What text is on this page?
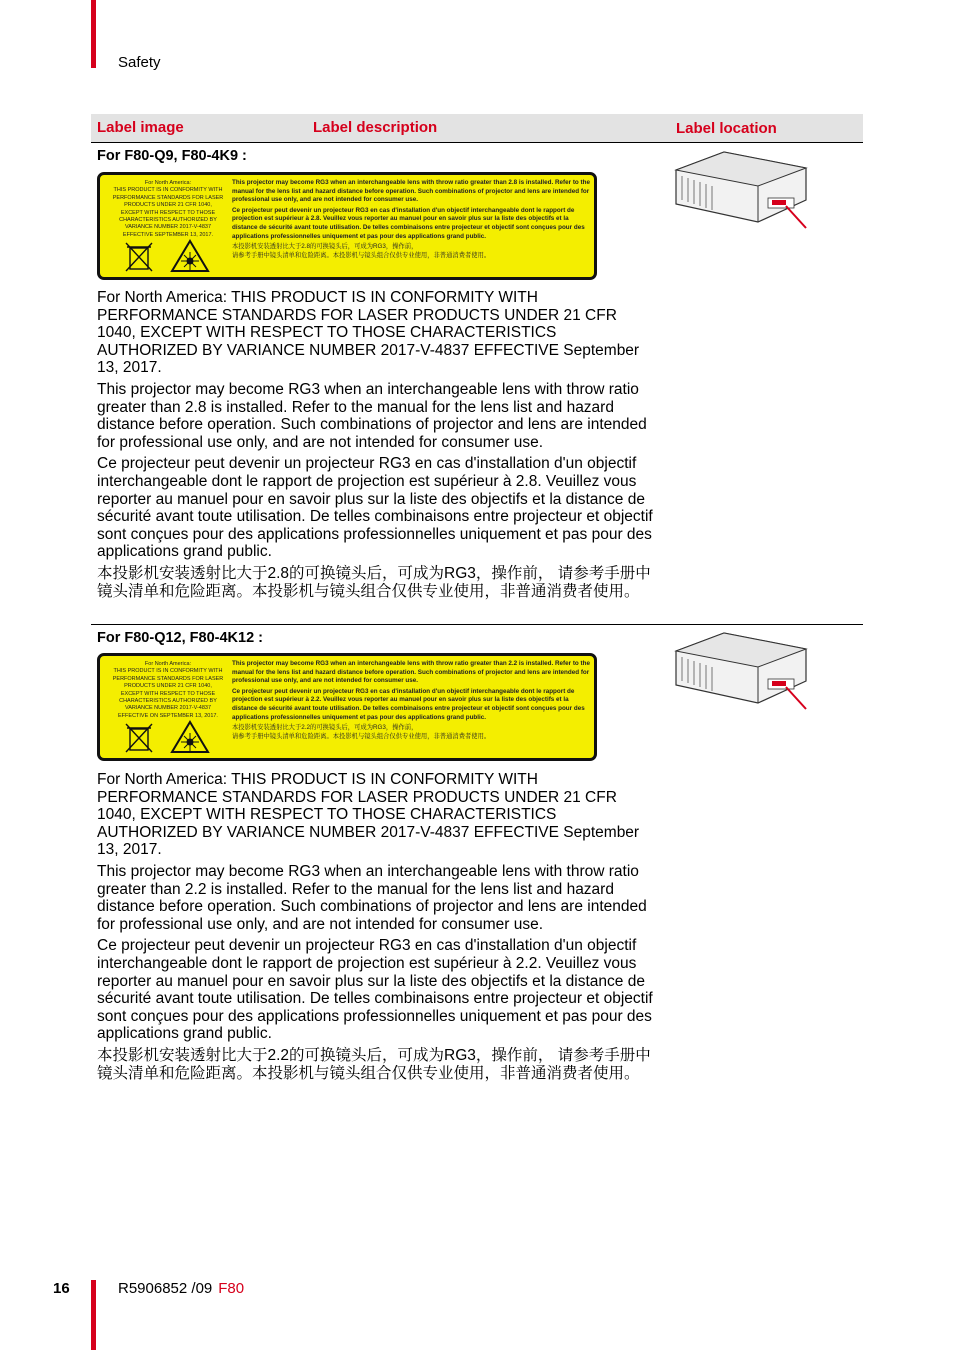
Safety
Label image	Label description	Label location
For F80-Q9, F80-4K9 :
For North America:
THIS PRODUCT IS IN CONFORMITY WITH
PERFORMANCE STANDARDS FOR LASER
PRODUCTS UNDER 21 CFR 1040,
EXCEPT WITH RESPECT TO THOSE
CHARACTERISTICS AUTHORIZED BY
VARIANCE NUMBER 2017-V-4837
EFFECTIVE SEPTEMBER 13, 2017.

This projector may become RG3 when an interchangeable lens with throw ratio greater than 2.8 is installed. Refer to the manual for the lens list and hazard distance before operation. Such combinations of projector and lens are intended for professional use only, and are not intended for consumer use.

Ce projecteur peut devenir un projecteur RG3 en cas d'installation d'un objectif interchangeable dont le rapport de projection est supérieur à 2.8. Veuillez vous reporter au manuel pour en savoir plus sur la liste des objectifs et la distance de sécurité avant toute utilisation. De telles combinaisons entre projecteur et objectif sont conçues pour des applications professionnelles uniquement et pas pour des applications grand public.

本投影机安装透射比大于2.8的可换镜头后，可成为RG3，操作前，
请参考手册中镜头清单和危险距离。本投影机与镜头组合仅供专业使用，非普通消费者使用。

For North America: THIS PRODUCT IS IN CONFORMITY WITH PERFORMANCE STANDARDS FOR LASER PRODUCTS UNDER 21 CFR 1040, EXCEPT WITH RESPECT TO THOSE CHARACTERISTICS AUTHORIZED BY VARIANCE NUMBER 2017-V-4837 EFFECTIVE September 13, 2017.

This projector may become RG3 when an interchangeable lens with throw ratio greater than 2.8 is installed. Refer to the manual for the lens list and hazard distance before operation. Such combinations of projector and lens are intended for professional use only, and are not intended for consumer use.

Ce projecteur peut devenir un projecteur RG3 en cas d'installation d'un objectif interchangeable dont le rapport de projection est supérieur à 2.8. Veuillez vous reporter au manuel pour en savoir plus sur la liste des objectifs et la distance de sécurité avant toute utilisation. De telles combinaisons entre projecteur et objectif sont conçues pour des applications professionnelles uniquement et pas pour des applications grand public.

本投影机安装透射比大于2.8的可换镜头后，可成为RG3，操作前， 请参考手册中镜头清单和危险距离。本投影机与镜头组合仅供专业使用，非普通消费者使用。

For F80-Q12, F80-4K12 :
For North America:
THIS PRODUCT IS IN CONFORMITY WITH
PERFORMANCE STANDARDS FOR LASER
PRODUCTS UNDER 21 CFR 1040,
EXCEPT WITH RESPECT TO THOSE
CHARACTERISTICS AUTHORIZED BY
VARIANCE NUMBER 2017-V-4837
EFFECTIVE ON SEPTEMBER 13, 2017.

This projector may become RG3 when an interchangeable lens with throw ratio greater than 2.2 is installed. Refer to the manual for the lens list and hazard distance before operation. Such combinations of projector and lens are intended for professional use only, and are not intended for consumer use.

Ce projecteur peut devenir un projecteur RG3 en cas d'installation d'un objectif interchangeable dont le rapport de projection est supérieur à 2.2. Veuillez vous reporter au manuel pour en savoir plus sur la liste des objectifs et la distance de sécurité avant toute utilisation. De telles combinaisons entre projecteur et objectif sont conçues pour des applications professionnelles uniquement et pas pour des applications grand public.

本投影机安装透射比大于2.2的可换镜头后，可成为RG3，操作前，
请参考手册中镜头清单和危险距离。本投影机与镜头组合仅供专业使用，非普通消费者使用。

For North America: THIS PRODUCT IS IN CONFORMITY WITH PERFORMANCE STANDARDS FOR LASER PRODUCTS UNDER 21 CFR 1040, EXCEPT WITH RESPECT TO THOSE CHARACTERISTICS AUTHORIZED BY VARIANCE NUMBER 2017-V-4837 EFFECTIVE September 13, 2017.

This projector may become RG3 when an interchangeable lens with throw ratio greater than 2.2 is installed. Refer to the manual for the lens list and hazard distance before operation. Such combinations of projector and lens are intended for professional use only, and are not intended for consumer use.

Ce projecteur peut devenir un projecteur RG3 en cas d'installation d'un objectif interchangeable dont le rapport de projection est supérieur à 2.2. Veuillez vous reporter au manuel pour en savoir plus sur la liste des objectifs et la distance de sécurité avant toute utilisation. De telles combinaisons entre projecteur et objectif sont conçues pour des applications professionnelles uniquement et pas pour des applications grand public.

本投影机安装透射比大于2.2的可换镜头后，可成为RG3，操作前， 请参考手册中镜头清单和危险距离。本投影机与镜头组合仅供专业使用，非普通消费者使用。

16	R5906852 /09 F80
